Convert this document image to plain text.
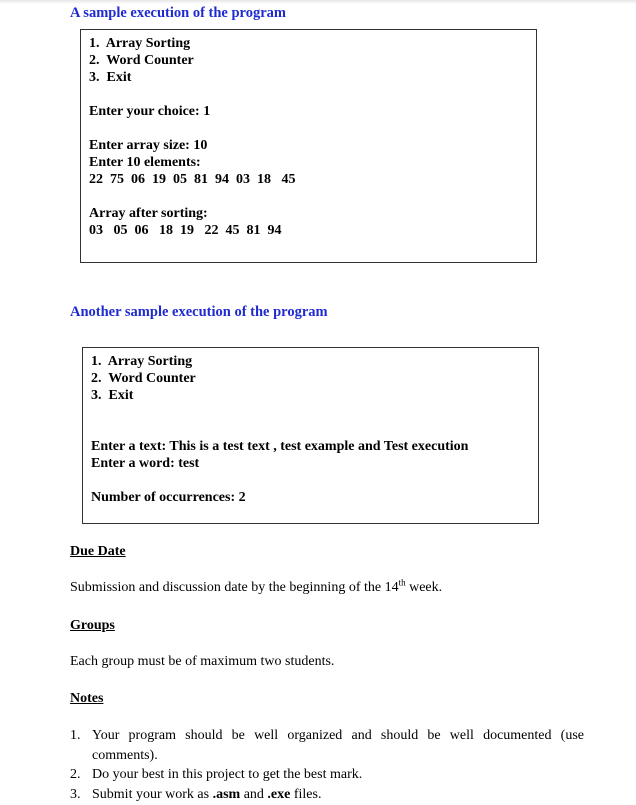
A sample execution of the program
1.  Array Sorting
2.  Word Counter
3.  Exit
Enter your choice: 1
Enter array size: 10
Enter 10 elements:
22  75  06  19  05  81  94  03  18   45
Array after sorting:
03   05  06   18  19   22  45  81  94
Another sample execution of the program
1.  Array Sorting
2.  Word Counter
3.  Exit
Enter a text: This is a test text , test example and Test execution
Enter a word: test
Number of occurrences: 2
Due Date
Submission and discussion date by the beginning of the 14th week.
Groups
Each group must be of maximum two students.
Notes
1. Your program should be well organized and should be well documented (use comments).
2. Do your best in this project to get the best mark.
3. Submit your work as .asm and .exe files.
